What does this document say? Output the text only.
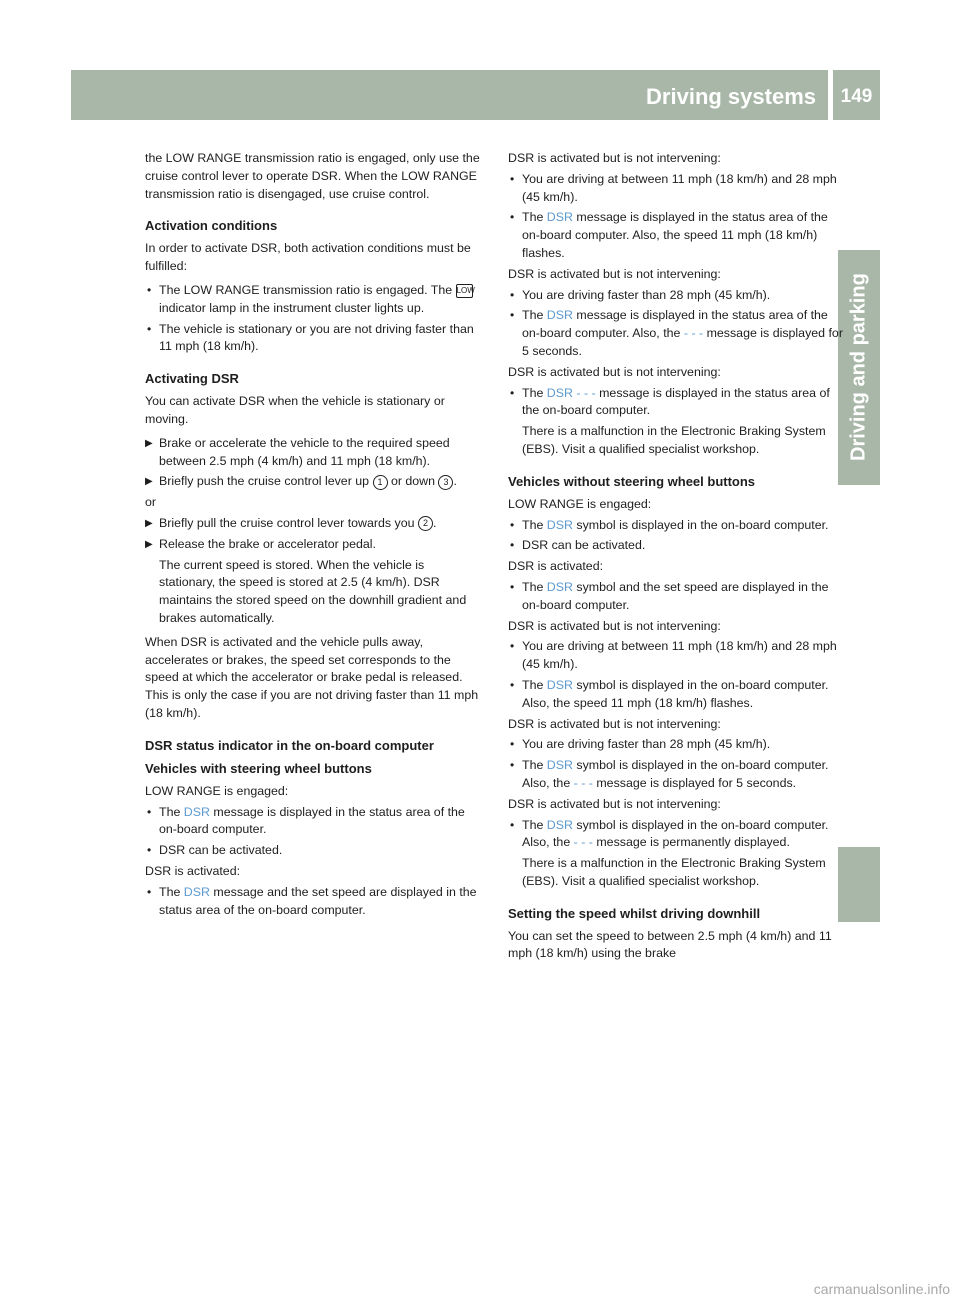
Driving systems	149
Driving and parking

the LOW RANGE transmission ratio is engaged, only use the cruise control lever to operate DSR. When the LOW RANGE transmission ratio is disengaged, use cruise control.

Activation conditions

In order to activate DSR, both activation conditions must be fulfilled:

• The LOW RANGE transmission ratio is engaged. The LOW indicator lamp in the instrument cluster lights up.
• The vehicle is stationary or you are not driving faster than 11 mph (18 km/h).
Activating DSR

You can activate DSR when the vehicle is stationary or moving.

▶ Brake or accelerate the vehicle to the required speed between 2.5 mph (4 km/h) and 11 mph (18 km/h).
▶ Briefly push the cruise control lever up 1 or down 3 .

or

▶ Briefly pull the cruise control lever towards you 2 .
▶ Release the brake or accelerator pedal.
The current speed is stored. When the vehicle is stationary, the speed is stored at 2.5 (4 km/h). DSR maintains the stored speed on the downhill gradient and brakes automatically.

When DSR is activated and the vehicle pulls away, accelerates or brakes, the speed set corresponds to the speed at which the accelerator or brake pedal is released. This is only the case if you are not driving faster than 11 mph (18 km/h).

DSR status indicator in the on-board computer
Vehicles with steering wheel buttons

LOW RANGE is engaged:

• The DSR message is displayed in the status area of the on-board computer.
• DSR can be activated.

DSR is activated:

• The DSR message and the set speed are displayed in the status area of the on-board computer.

DSR is activated but is not intervening:

• You are driving at between 11 mph (18 km/h) and 28 mph (45 km/h).
• The DSR message is displayed in the status area of the on-board computer. Also, the speed 11 mph (18 km/h) flashes.

DSR is activated but is not intervening:

• You are driving faster than 28 mph (45 km/h).
• The DSR message is displayed in the status area of the on-board computer. Also, the - - - message is displayed for 5 seconds.

DSR is activated but is not intervening:

• The DSR - - - message is displayed in the status area of the on-board computer.
There is a malfunction in the Electronic Braking System (EBS). Visit a qualified specialist workshop.
Vehicles without steering wheel buttons

LOW RANGE is engaged:

• The DSR symbol is displayed in the on-board computer.
• DSR can be activated.

DSR is activated:

• The DSR symbol and the set speed are displayed in the on-board computer.

DSR is activated but is not intervening:

• You are driving at between 11 mph (18 km/h) and 28 mph (45 km/h).
• The DSR symbol is displayed in the on-board computer. Also, the speed 11 mph (18 km/h) flashes.

DSR is activated but is not intervening:

• You are driving faster than 28 mph (45 km/h).
• The DSR symbol is displayed in the on-board computer. Also, the - - - message is displayed for 5 seconds.

DSR is activated but is not intervening:

• The DSR symbol is displayed in the on-board computer. Also, the - - - message is permanently displayed.
There is a malfunction in the Electronic Braking System (EBS). Visit a qualified specialist workshop.
Setting the speed whilst driving downhill

You can set the speed to between 2.5 mph (4 km/h) and 11 mph (18 km/h) using the brake

carmanualsonline.info
